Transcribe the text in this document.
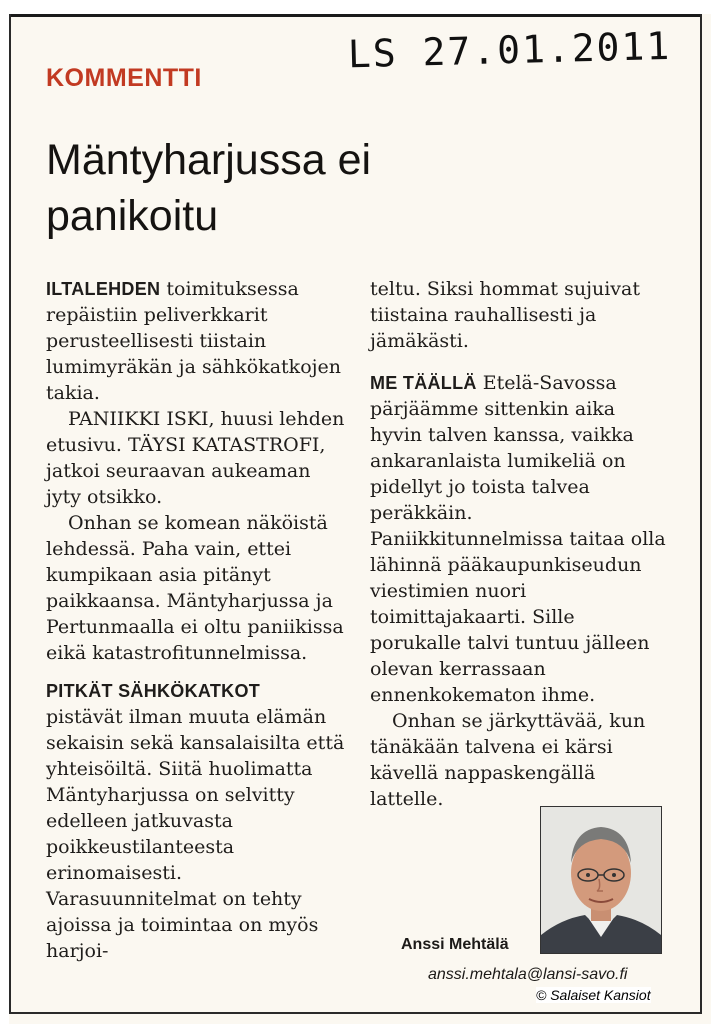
LS 27.01.2011
KOMMENTTI
Mäntyharjussa ei panikoitu

ILTALEHDEN toimituksessa repäistiin peliverkkarit perusteellisesti tiistain lumimyräkän ja sähkökatkojen takia.

PANIIKKI ISKI, huusi lehden etusivu. TÄYSI KATASTROFI, jatkoi seuraavan aukeaman jyty otsikko.

Onhan se komean näköistä lehdessä. Paha vain, ettei kumpikaan asia pitänyt paikkaansa. Mäntyharjussa ja Pertunmaalla ei oltu paniikissa eikä katastrofitunnelmissa.

PITKÄT SÄHKÖKATKOT

pistävät ilman muuta elämän sekaisin sekä kansalaisilta että yhteisöiltä. Siitä huolimatta Mäntyharjussa on selvitty edelleen jatkuvasta poikkeustilanteesta erinomaisesti. Varasuunnitelmat on tehty ajoissa ja toimintaa on myös harjoi-

teltu. Siksi hommat sujuivat tiistaina rauhallisesti ja jämäkästi.

ME TÄÄLLÄ Etelä-Savossa pärjäämme sittenkin aika hyvin talven kanssa, vaikka ankaranlaista lumikeliä on pidellyt jo toista talvea peräkkäin. Paniikkitunnelmissa taitaa olla lähinnä pääkaupunkiseudun viestimien nuori toimittajakaarti. Sille porukalle talvi tuntuu jälleen olevan kerrassaan ennenkokematon ihme.

Onhan se järkyttävää, kun tänäkään talvena ei kärsi kävellä nappaskengällä lattelle.

Anssi Mehtälä
anssi.mehtala@lansi-savo.fi
© Salaiset Kansiot
